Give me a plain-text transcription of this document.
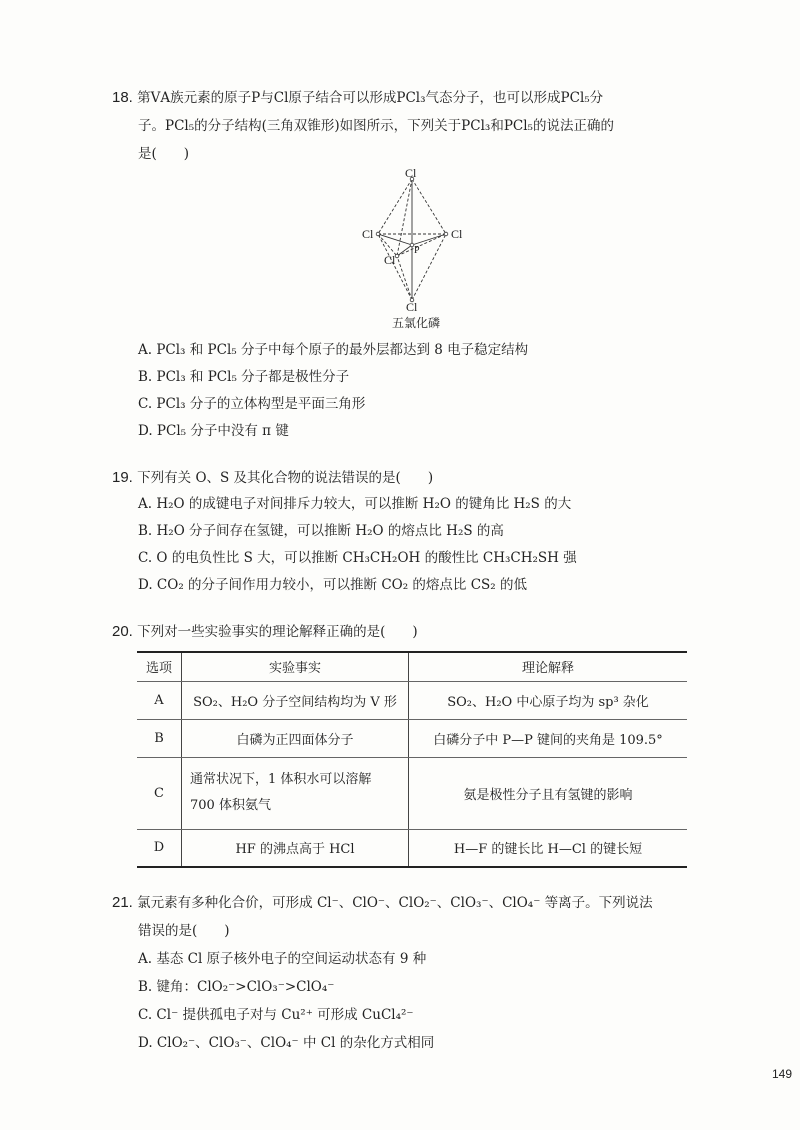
18. 第ⅤA族元素的原子P与Cl原子结合可以形成PCl₃气态分子，也可以形成PCl₅分
子。PCl₅的分子结构(三角双锥形)如图所示，下列关于PCl₃和PCl₅的说法正确的
是(　　)
Cl
Cl	Cl
Cl
P
Cl
五氯化磷
A. PCl₃ 和 PCl₅ 分子中每个原子的最外层都达到 8 电子稳定结构
B. PCl₃ 和 PCl₅ 分子都是极性分子
C. PCl₃ 分子的立体构型是平面三角形
D. PCl₅ 分子中没有 π 键
19. 下列有关 O、S 及其化合物的说法错误的是(　　)
A. H₂O 的成键电子对间排斥力较大，可以推断 H₂O 的键角比 H₂S 的大
B. H₂O 分子间存在氢键，可以推断 H₂O 的熔点比 H₂S 的高
C. O 的电负性比 S 大，可以推断 CH₃CH₂OH 的酸性比 CH₃CH₂SH 强
D. CO₂ 的分子间作用力较小，可以推断 CO₂ 的熔点比 CS₂ 的低
20. 下列对一些实验事实的理论解释正确的是(　　)
选项	实验事实	理论解释
A	SO₂、H₂O 分子空间结构均为 V 形	SO₂、H₂O 中心原子均为 sp³ 杂化
B	白磷为正四面体分子	白磷分子中 P—P 键间的夹角是 109.5°
C	通常状况下，1 体积水可以溶解
700 体积氨气	氨是极性分子且有氢键的影响
D	HF 的沸点高于 HCl	H—F 的键长比 H—Cl 的键长短
21. 氯元素有多种化合价，可形成 Cl⁻、ClO⁻、ClO₂⁻、ClO₃⁻、ClO₄⁻ 等离子。下列说法
错误的是(　　)
A. 基态 Cl 原子核外电子的空间运动状态有 9 种
B. 键角：ClO₂⁻>ClO₃⁻>ClO₄⁻
C. Cl⁻ 提供孤电子对与 Cu²⁺ 可形成 CuCl₄²⁻
D. ClO₂⁻、ClO₃⁻、ClO₄⁻ 中 Cl 的杂化方式相同
149
